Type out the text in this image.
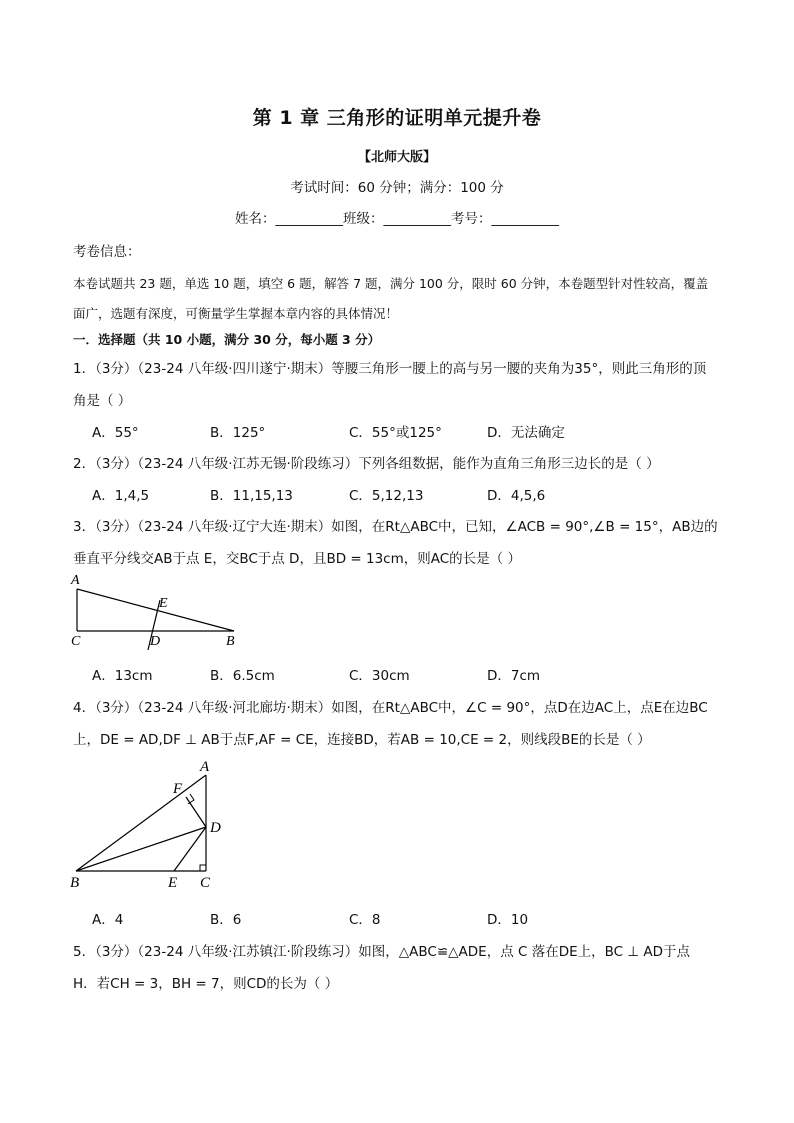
第 1 章 三角形的证明单元提升卷
【北师大版】
考试时间：60 分钟；满分：100 分
姓名：__________班级：__________考号：__________
考卷信息：
本卷试题共 23 题，单选 10 题，填空 6 题，解答 7 题，满分 100 分，限时 60 分钟，本卷题型针对性较高，覆盖
面广，选题有深度，可衡量学生掌握本章内容的具体情况！
一．选择题（共 10 小题，满分 30 分，每小题 3 分）
1．（3分）（23-24 八年级·四川遂宁·期末）等腰三角形一腰上的高与另一腰的夹角为35°，则此三角形的顶
角是（ ）
A．55°	B．125°	C．55°或125°	D．无法确定
2．（3分）（23-24 八年级·江苏无锡·阶段练习）下列各组数据，能作为直角三角形三边长的是（ ）
A．1,4,5	B．11,15,13	C．5,12,13	D．4,5,6
3．（3分）（23-24 八年级·辽宁大连·期末）如图，在Rt△ABC中，已知，∠ACB = 90°,∠B = 15°，AB边的
垂直平分线交AB于点 E，交BC于点 D，且BD = 13cm，则AC的长是（ ）
A
E
C	D	B
A．13cm	B．6.5cm	C．30cm	D．7cm
4．（3分）（23-24 八年级·河北廊坊·期末）如图，在Rt△ABC中，∠C = 90°，点D在边AC上，点E在边BC
上，DE = AD,DF ⊥ AB于点F,AF = CE，连接BD，若AB = 10,CE = 2，则线段BE的长是（ ）
A
F
D
B	E C
A．4	B．6	C．8	D．10
5．（3分）（23-24 八年级·江苏镇江·阶段练习）如图，△ABC≌△ADE，点 C 落在DE上，BC ⊥ AD于点
H．若CH = 3，BH = 7，则CD的长为（ ）
